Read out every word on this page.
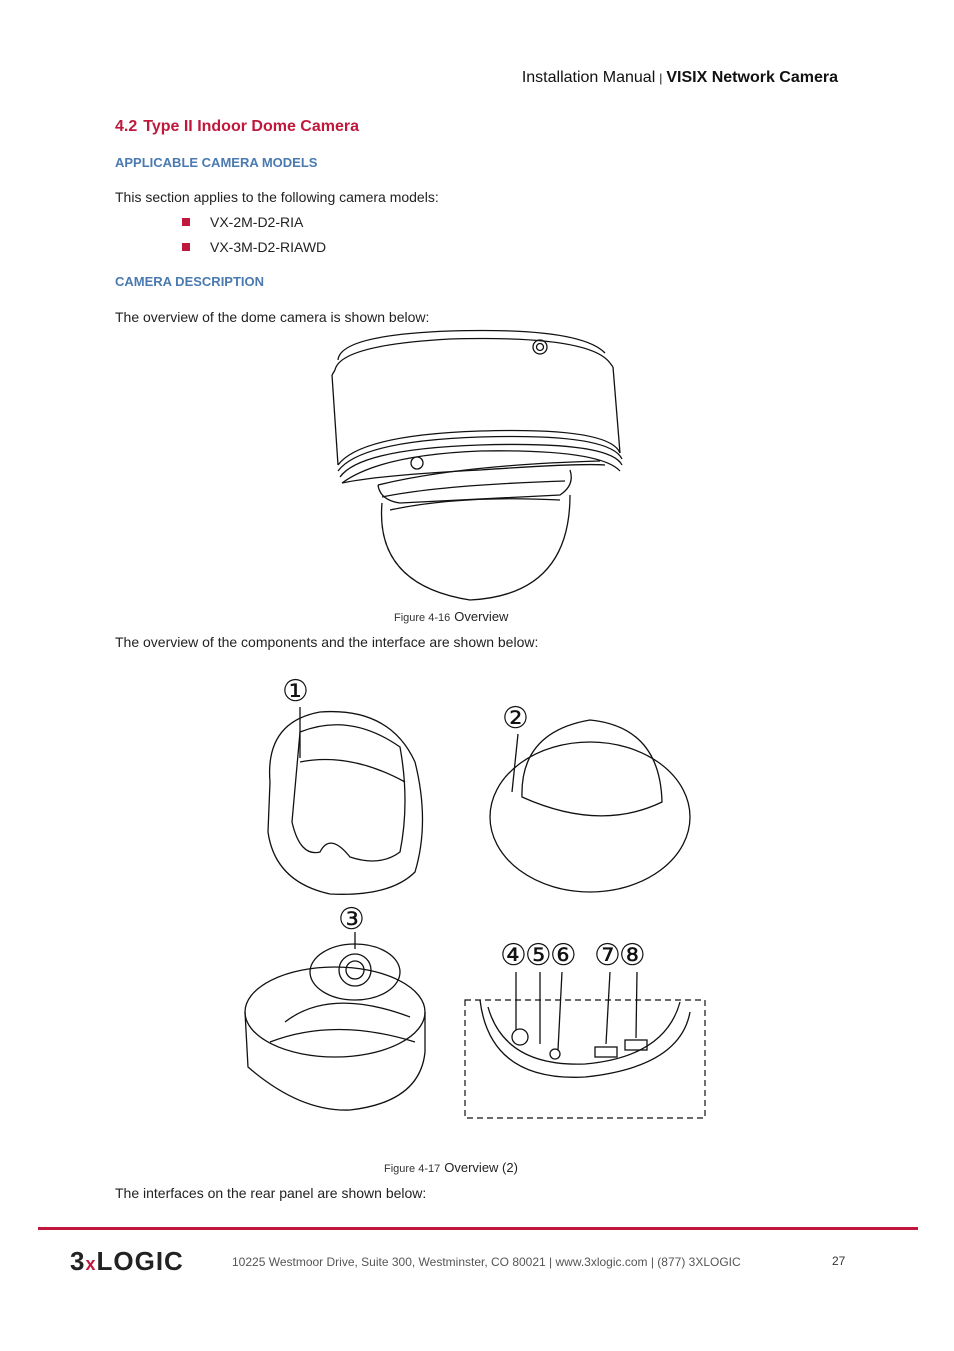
Installation Manual | VISIX Network Camera
4.2 Type II Indoor Dome Camera
APPLICABLE CAMERA MODELS
This section applies to the following camera models:
VX-2M-D2-RIA
VX-3M-D2-RIAWD
CAMERA DESCRIPTION
The overview of the dome camera is shown below:
Figure 4-16 Overview
The overview of the components and the interface are shown below:
①
②
③
④⑤⑥ ⑦⑧
Figure 4-17 Overview (2)
The interfaces on the rear panel are shown below:
3xLOGIC	10225 Westmoor Drive, Suite 300, Westminster, CO 80021 | www.3xlogic.com | (877) 3XLOGIC	27
